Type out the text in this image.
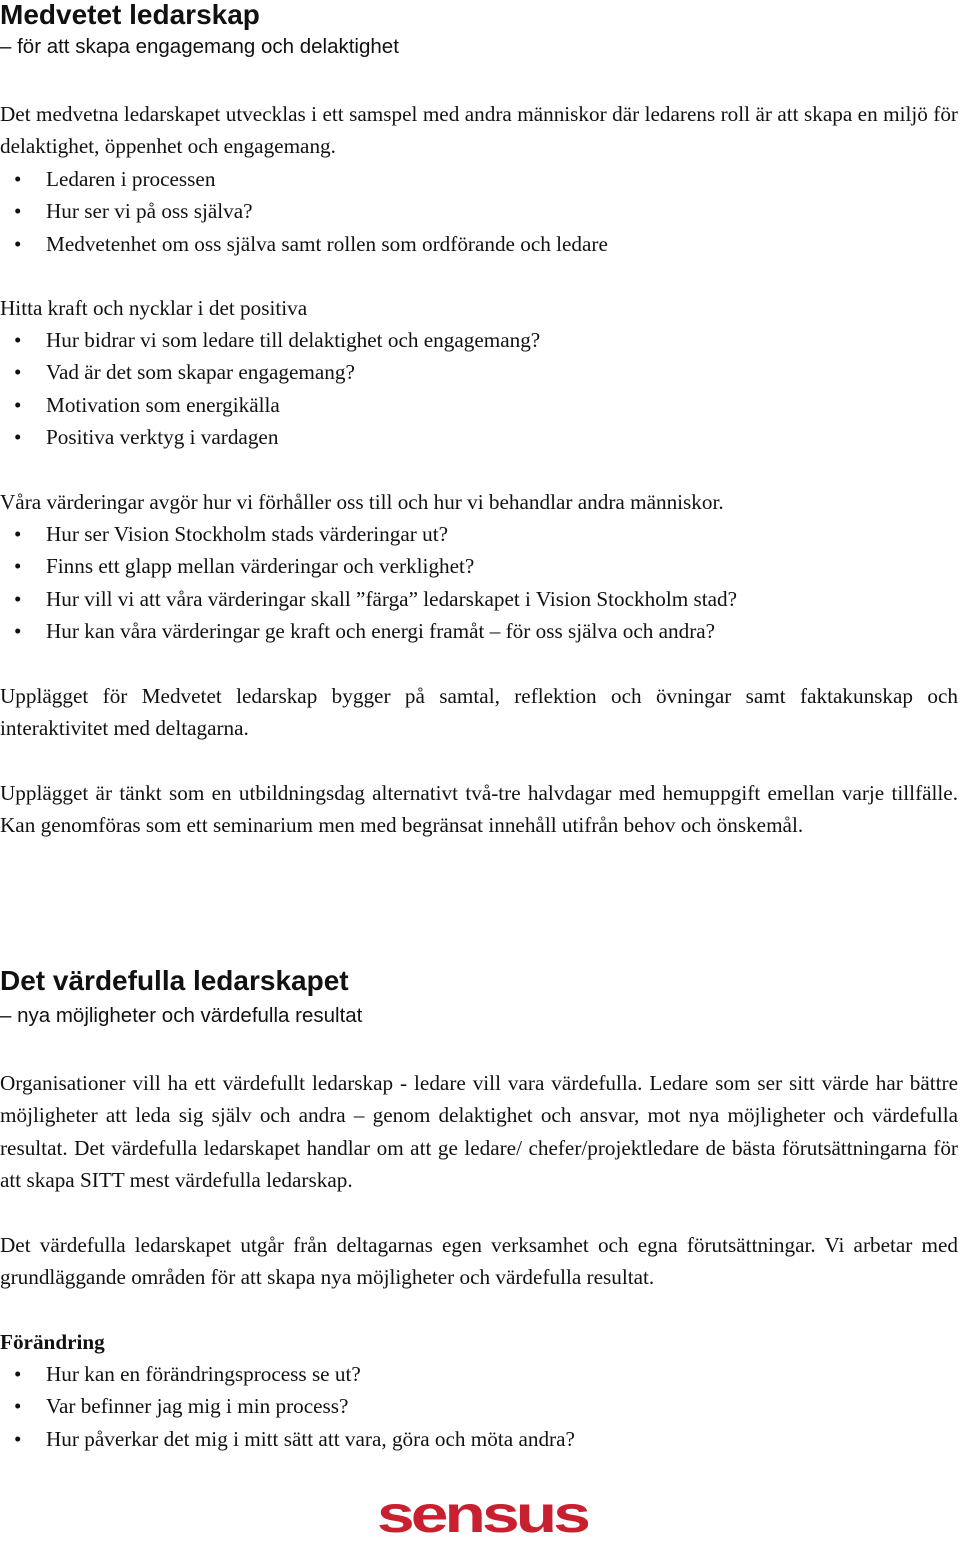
Medvetet ledarskap
– för att skapa engagemang och delaktighet

Det medvetna ledarskapet utvecklas i ett samspel med andra människor där ledarens roll är att skapa en miljö för delaktighet, öppenhet och engagemang.

• Ledaren i processen
• Hur ser vi på oss själva?
• Medvetenhet om oss själva samt rollen som ordförande och ledare
Hitta kraft och nycklar i det positiva
• Hur bidrar vi som ledare till delaktighet och engagemang?
• Vad är det som skapar engagemang?
• Motivation som energikälla
• Positiva verktyg i vardagen
Våra värderingar avgör hur vi förhåller oss till och hur vi behandlar andra människor.
• Hur ser Vision Stockholm stads värderingar ut?
• Finns ett glapp mellan värderingar och verklighet?
• Hur vill vi att våra värderingar skall ”färga” ledarskapet i Vision Stockholm stad?
• Hur kan våra värderingar ge kraft och energi framåt – för oss själva och andra?

Upplägget för Medvetet ledarskap bygger på samtal, reflektion och övningar samt faktakunskap och interaktivitet med deltagarna.

Upplägget är tänkt som en utbildningsdag alternativt två-tre halvdagar med hemuppgift emellan varje tillfälle. Kan genomföras som ett seminarium men med begränsat innehåll utifrån behov och önskemål.

Det värdefulla ledarskapet
– nya möjligheter och värdefulla resultat

Organisationer vill ha ett värdefullt ledarskap - ledare vill vara värdefulla. Ledare som ser sitt värde har bättre möjligheter att leda sig själv och andra – genom delaktighet och ansvar, mot nya möjligheter och värdefulla resultat. Det värdefulla ledarskapet handlar om att ge ledare/ chefer/projektledare de bästa förutsättningarna för att skapa SITT mest värdefulla ledarskap.

Det värdefulla ledarskapet utgår från deltagarnas egen verksamhet och egna förutsättningar. Vi arbetar med grundläggande områden för att skapa nya möjligheter och värdefulla resultat.

Förändring
• Hur kan en förändringsprocess se ut?
• Var befinner jag mig i min process?
• Hur påverkar det mig i mitt sätt att vara, göra och möta andra?
sensus
